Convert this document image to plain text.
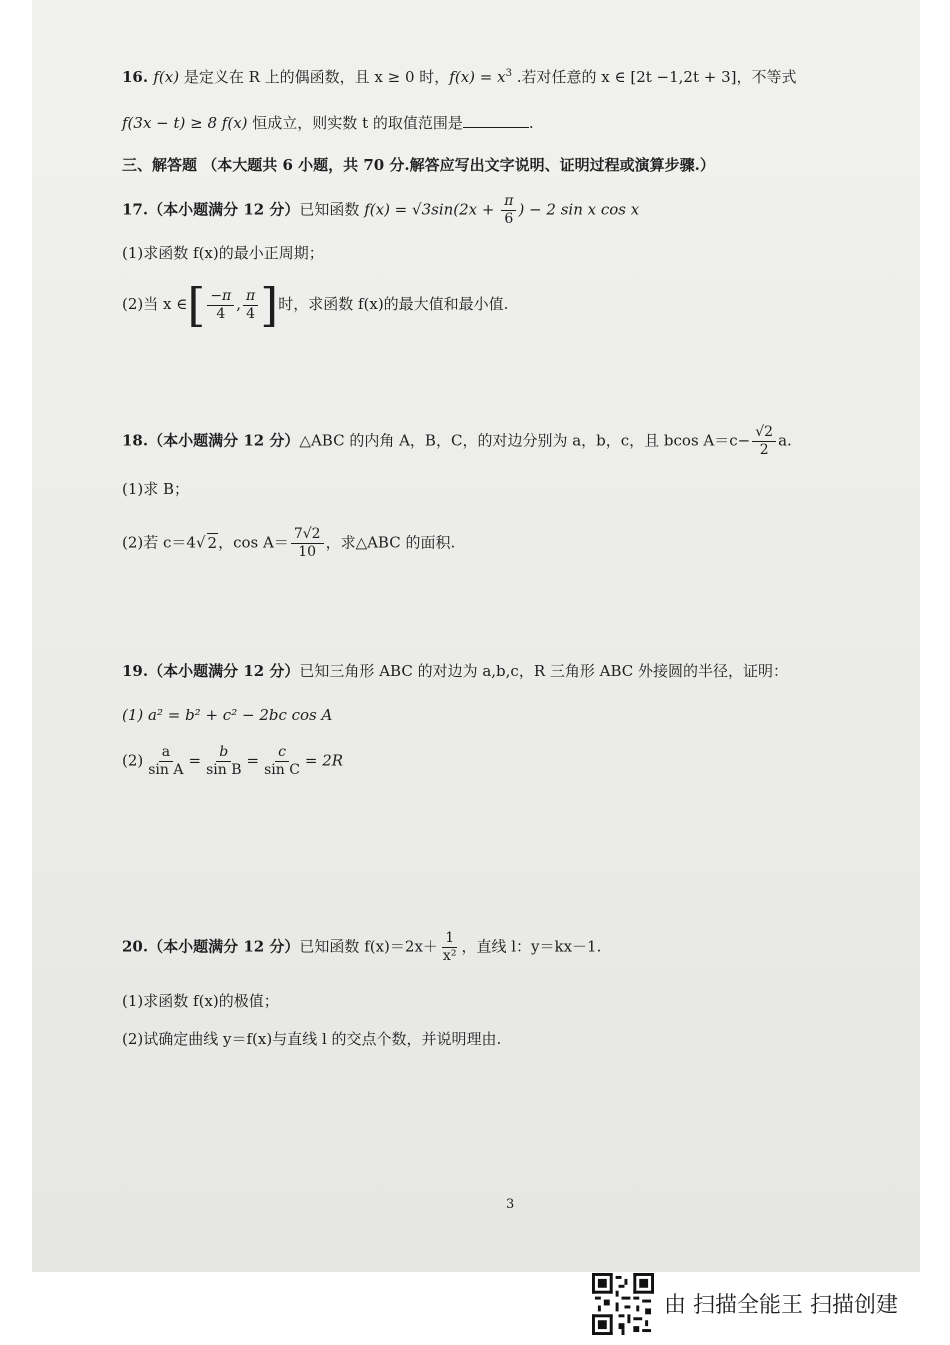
16. f(x) 是定义在 R 上的偶函数，且 x ≥ 0 时，$f(x) = x^3$ .若对任意的 x ∈ [2t −1,2t + 3]，不等式
f(3x − t) ≥ 8 f(x) 恒成立，则实数 t 的取值范围是	.
三、解答题 （本大题共 6 小题，共 70 分.解答应写出文字说明、证明过程或演算步骤.）
17.（本小题满分 12 分）已知函数 $f(x) = √3\sin(2x + \frac{\pi}{6}$ ) − 2 sin x cos x
(1)求函数 f(x)的最小正周期；
(2)当 x ∈[ $\frac{-\pi}{4}$ , $\frac{\pi}{4}$ ]时，求函数 f(x)的最大值和最小值.
18.（本小题满分 12 分）△ABC 的内角 A，B，C，的对边分别为 a，b，c，且 bcos $A=c- \frac{√2}{2} a$.
(1)求 B；
(2)若 c＝4√ 2，$\cos A= \frac{7√2}{10}$ ，求△ABC 的面积.
19.（本小题满分 12 分）已知三角形 ABC 的对边为 a,b,c，R 三角形 ABC 外接圆的半径，证明：
(1) a² = b² + c² − 2bc cos A
$(2) \frac{a}{\text{sin A}} = \frac{b}{\text{sin B}} = \frac{c}{\text{sin C}} = 2R$
20.（本小题满分 12 分）已知函数 $f(x)=2x+ \frac{1}{\text{x²}}$ ，直线 l：y＝kx－1.
(1)求函数 f(x)的极值；
(2)试确定曲线 y＝f(x)与直线 l 的交点个数，并说明理由.
3
由 扫描全能王 扫描创建
